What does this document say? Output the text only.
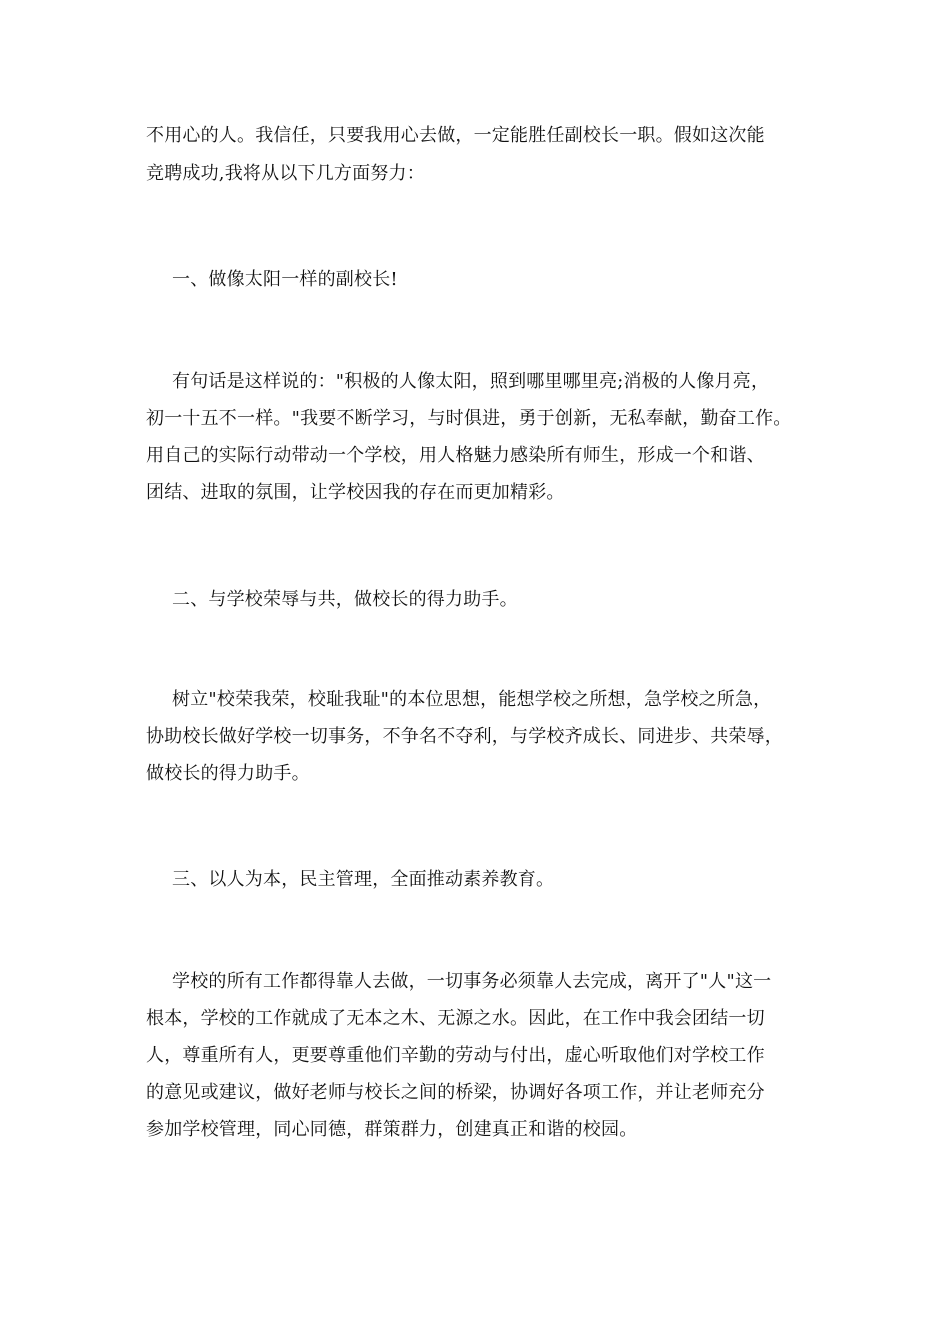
不用心的人。我信任，只要我用心去做，一定能胜任副校长一职。假如这次能
竞聘成功,我将从以下几方面努力：
一、做像太阳一样的副校长!
有句话是这样说的："积极的人像太阳，照到哪里哪里亮;消极的人像月亮，
初一十五不一样。"我要不断学习，与时俱进，勇于创新，无私奉献，勤奋工作。
用自己的实际行动带动一个学校，用人格魅力感染所有师生，形成一个和谐、
团结、进取的氛围，让学校因我的存在而更加精彩。
二、与学校荣辱与共，做校长的得力助手。
树立"校荣我荣，校耻我耻"的本位思想，能想学校之所想，急学校之所急，
协助校长做好学校一切事务，不争名不夺利，与学校齐成长、同进步、共荣辱，
做校长的得力助手。
三、以人为本，民主管理，全面推动素养教育。
学校的所有工作都得靠人去做，一切事务必须靠人去完成，离开了"人"这一
根本，学校的工作就成了无本之木、无源之水。因此，在工作中我会团结一切
人，尊重所有人，更要尊重他们辛勤的劳动与付出，虚心听取他们对学校工作
的意见或建议，做好老师与校长之间的桥梁，协调好各项工作，并让老师充分
参加学校管理，同心同德，群策群力，创建真正和谐的校园。
